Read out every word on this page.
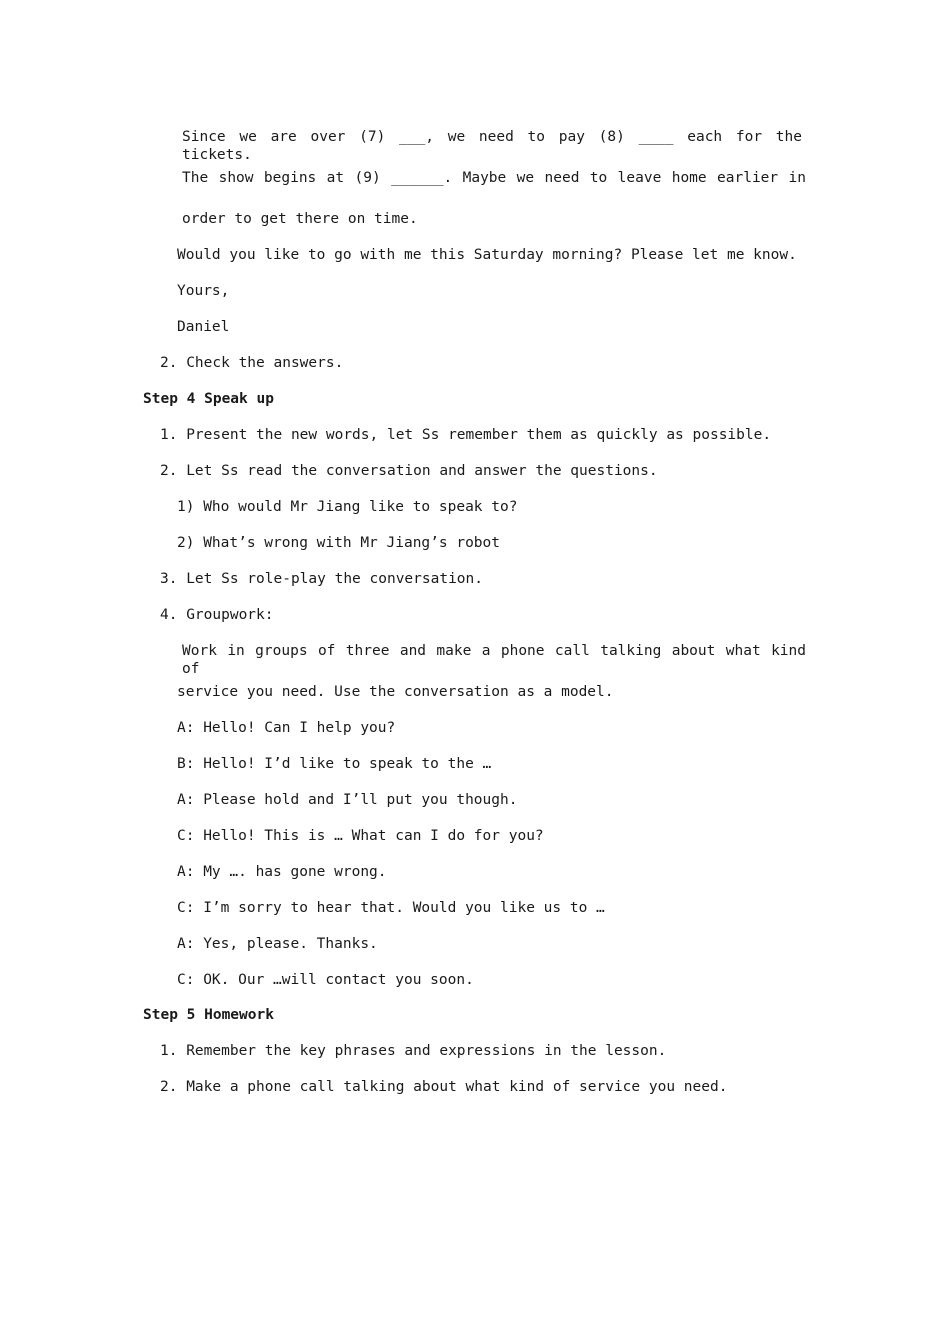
Since we are over (7) ___, we need to pay (8) ____ each for the tickets.
The show begins at (9) ______. Maybe we need to leave home earlier in
order to get there on time.
Would you like to go with me this Saturday morning? Please let me know.
Yours,
Daniel
2. Check the answers.
Step 4 Speak up
1. Present the new words, let Ss remember them as quickly as possible.
2. Let Ss read the conversation and answer the questions.
1) Who would Mr Jiang like to speak to?
2) What’s wrong with Mr Jiang’s robot
3. Let Ss role-play the conversation.
4. Groupwork:
Work in groups of three and make a phone call talking about what kind of
service you need. Use the conversation as a model.
A: Hello! Can I help you?
B: Hello! I’d like to speak to the …
A: Please hold and I’ll put you though.
C: Hello! This is … What can I do for you?
A: My …. has gone wrong.
C: I’m sorry to hear that. Would you like us to …
A: Yes, please. Thanks.
C: OK. Our …will contact you soon.
Step 5 Homework
1. Remember the key phrases and expressions in the lesson.
2. Make a phone call talking about what kind of service you need.
